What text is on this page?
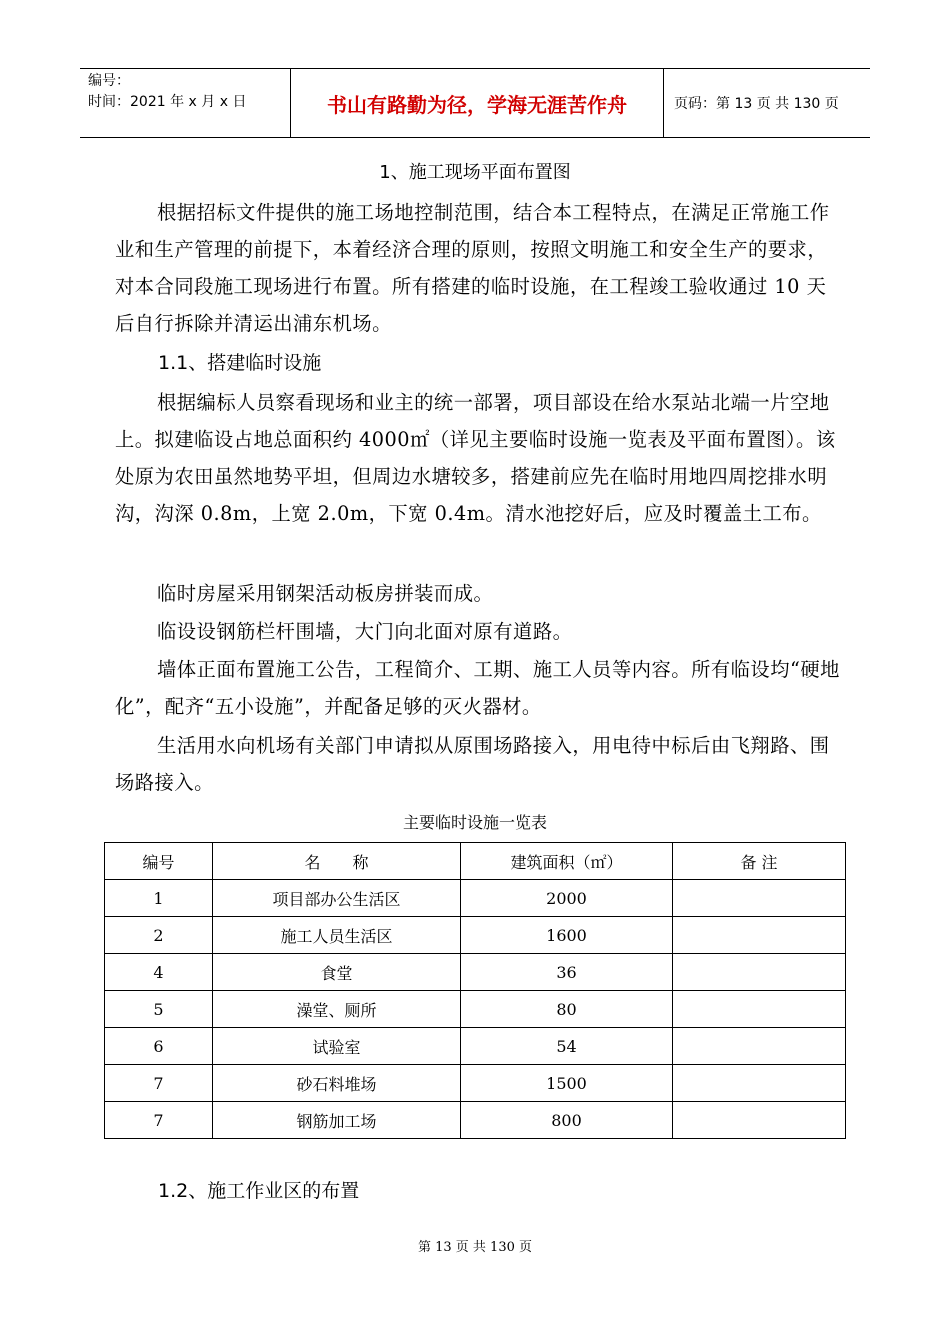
编号：
时间：2021 年 x 月 x 日	书山有路勤为径，学海无涯苦作舟	页码：第 13 页 共 130 页
1、施工现场平面布置图

根据招标文件提供的施工场地控制范围，结合本工程特点，在满足正常施工作业和生产管理的前提下，本着经济合理的原则，按照文明施工和安全生产的要求，对本合同段施工现场进行布置。所有搭建的临时设施，在工程竣工验收通过 10 天后自行拆除并清运出浦东机场。

1.1、搭建临时设施

根据编标人员察看现场和业主的统一部署，项目部设在给水泵站北端一片空地上。拟建临设占地总面积约 4000㎡（详见主要临时设施一览表及平面布置图）。该处原为农田虽然地势平坦，但周边水塘较多，搭建前应先在临时用地四周挖排水明沟，沟深 0.8m，上宽 2.0m，下宽 0.4m。清水池挖好后，应及时覆盖土工布。

临时房屋采用钢架活动板房拼装而成。

临设设钢筋栏杆围墙，大门向北面对原有道路。

墙体正面布置施工公告，工程简介、工期、施工人员等内容。所有临设均“硬地化”，配齐“五小设施”，并配备足够的灭火器材。

生活用水向机场有关部门申请拟从原围场路接入，用电待中标后由飞翔路、围场路接入。

主要临时设施一览表
编号	名　　称	建筑面积（㎡）	备 注
1	项目部办公生活区	2000	
2	施工人员生活区	1600	
4	食堂	36	
5	澡堂、厕所	80	
6	试验室	54	
7	砂石料堆场	1500	
7	钢筋加工场	800	

1.2、施工作业区的布置

第 13 页 共 130 页
